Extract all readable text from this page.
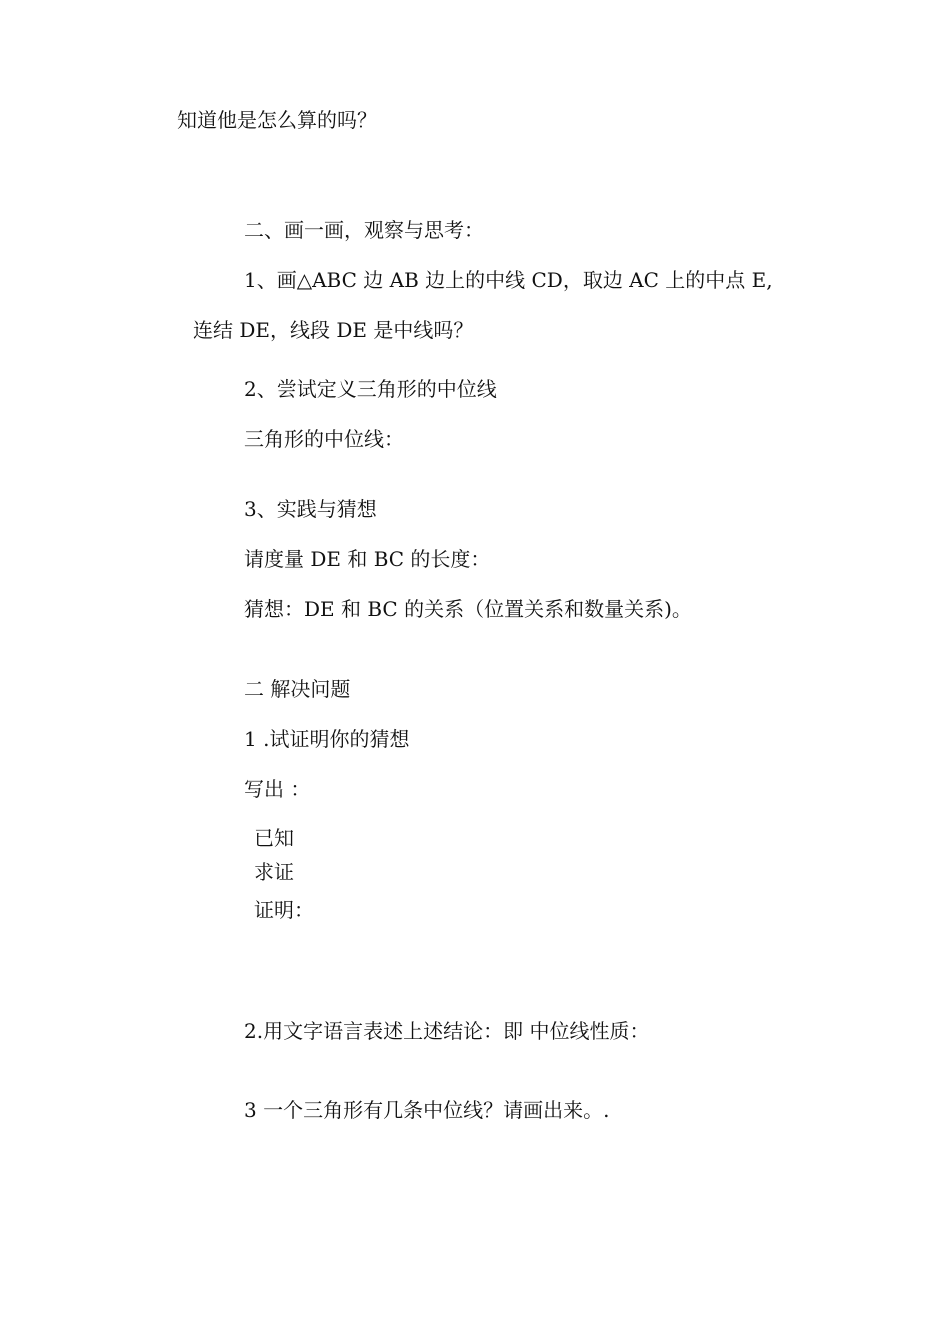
知道他是怎么算的吗？
二、画一画，观察与思考：
1、画△ABC 边 AB 边上的中线 CD，取边 AC 上的中点 E,
连结 DE，线段 DE 是中线吗？
2、尝试定义三角形的中位线
三角形的中位线：
3、实践与猜想
请度量 DE 和 BC 的长度：
猜想：DE 和 BC 的关系（位置关系和数量关系)。
二 解决问题
1 .试证明你的猜想
写出 ：
已知
求证
证明：
2.用文字语言表述上述结论：即 中位线性质：
3 一个三角形有几条中位线？请画出来。.
